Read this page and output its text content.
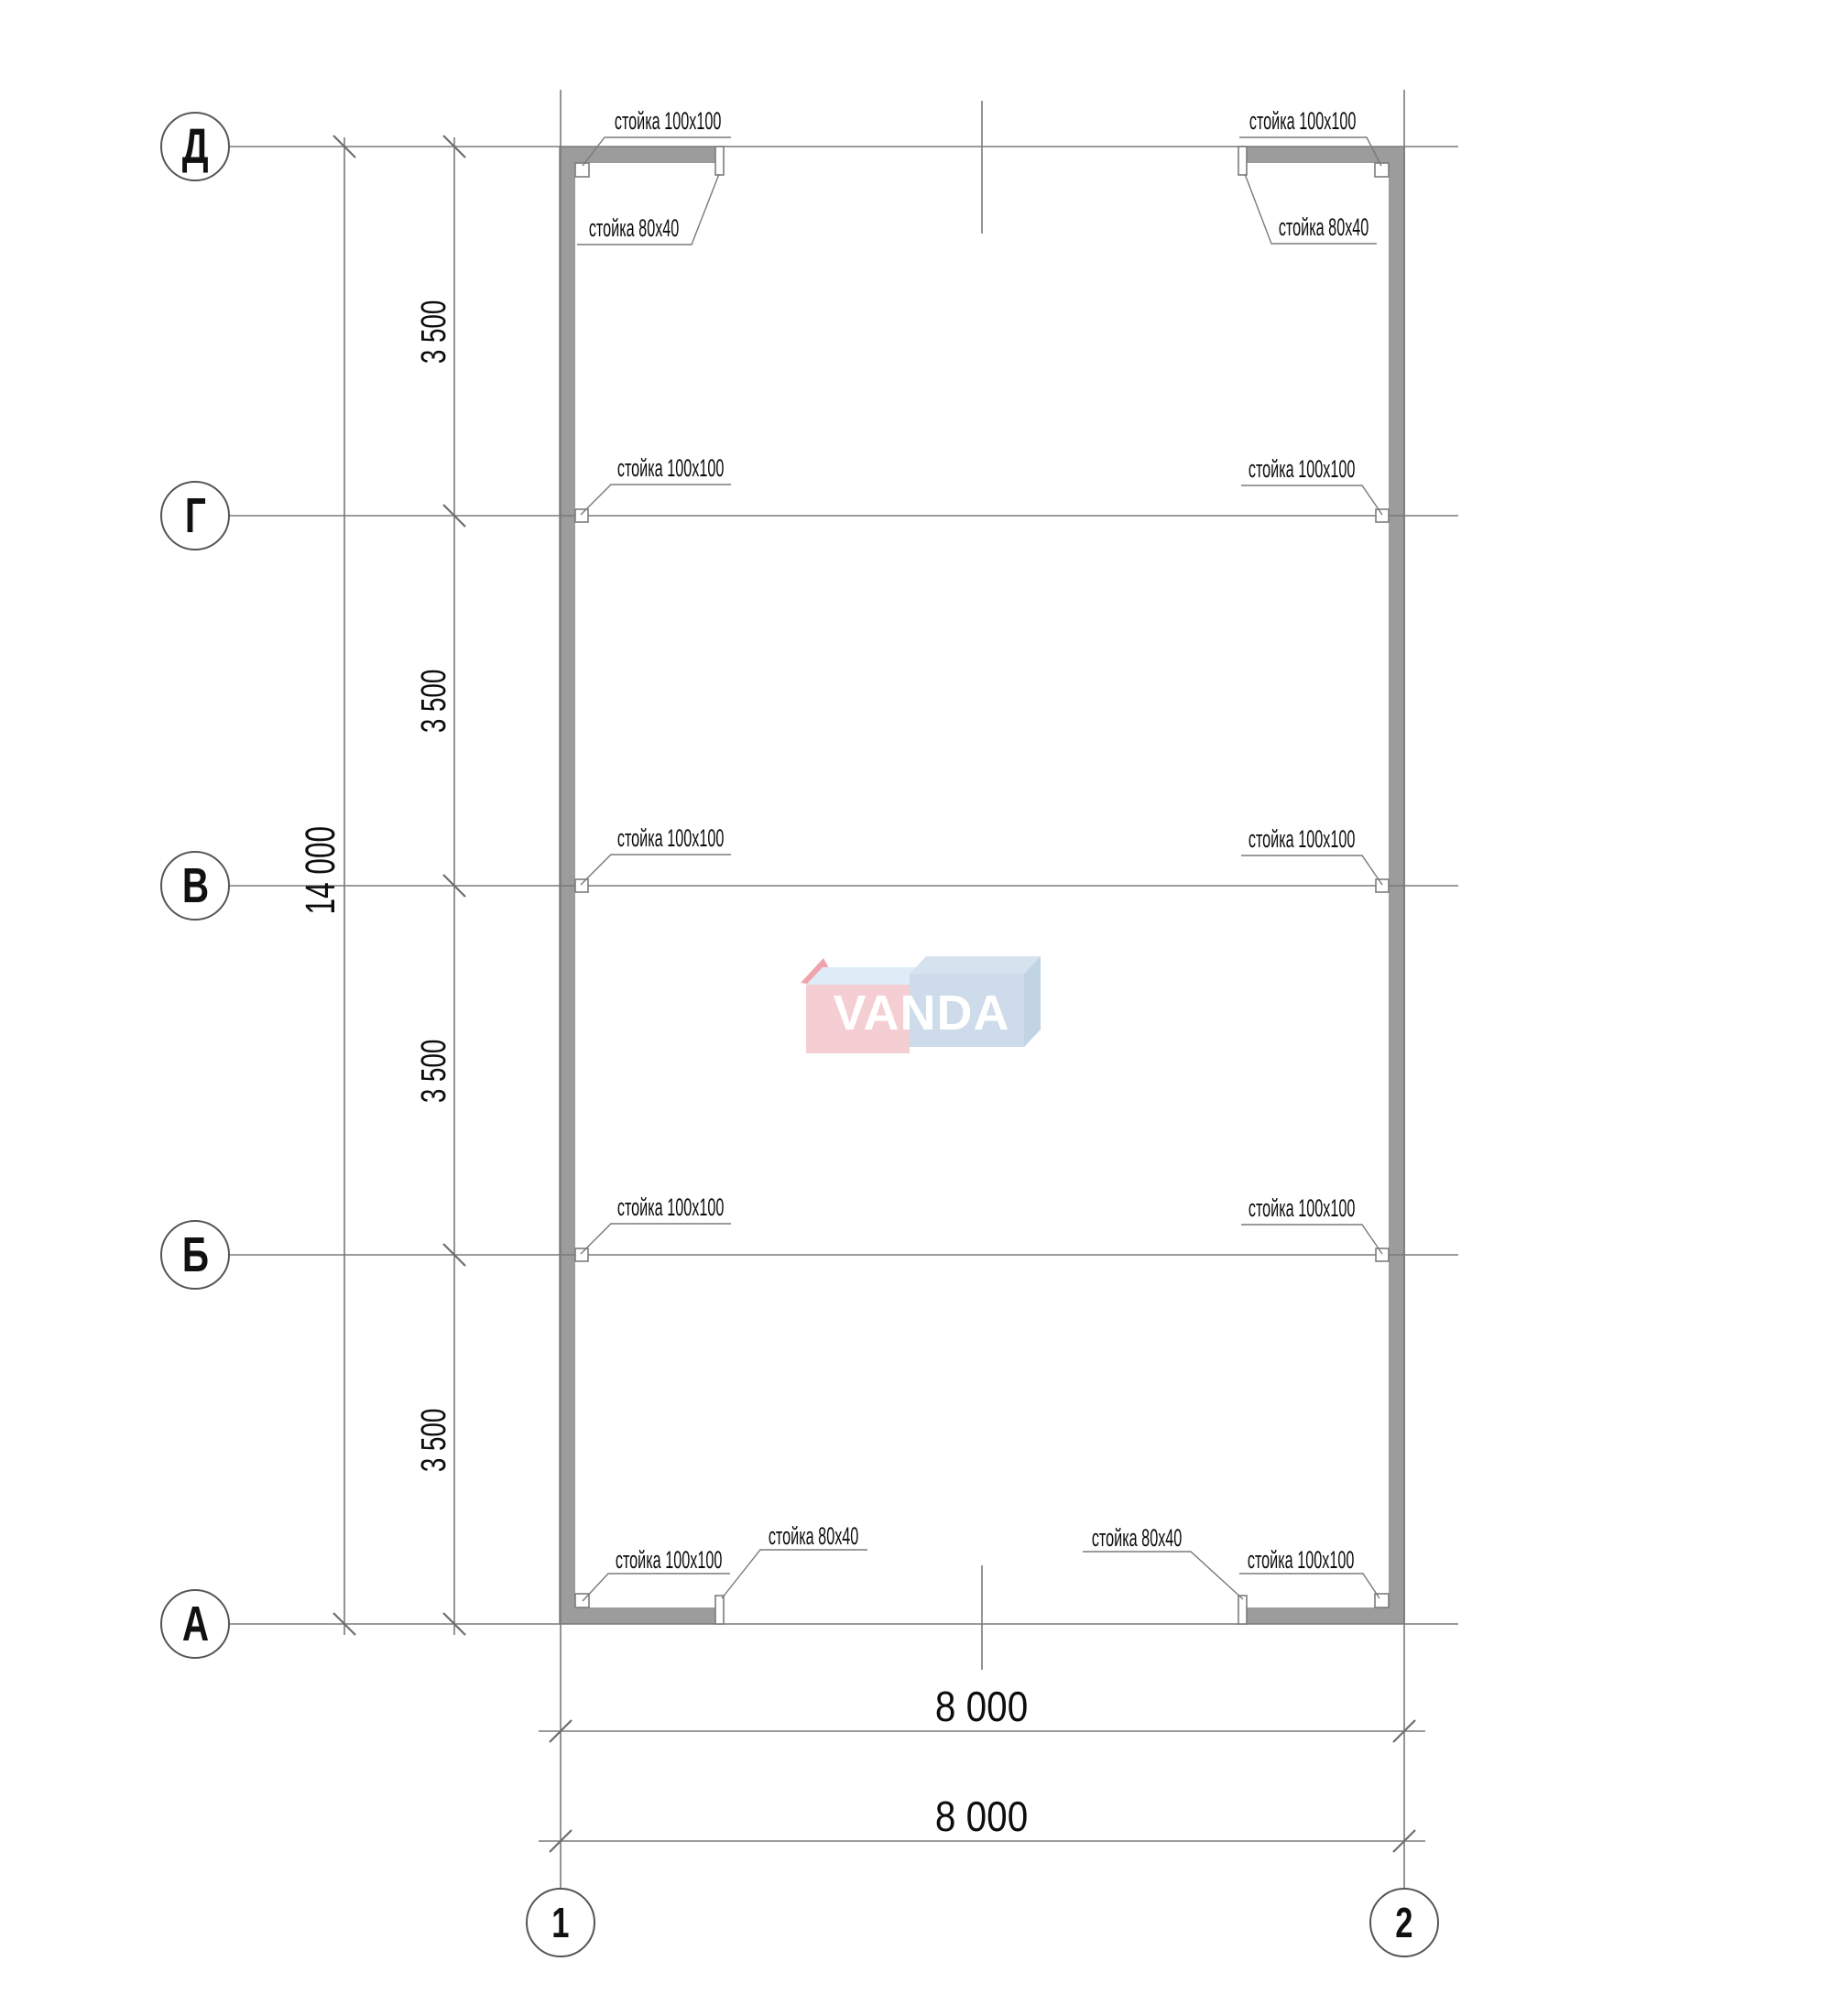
Д
Г
В
Б
А
1	2
14 000
3 500
3 500
3 500
3 500
8 000
8 000
стойка 100x100
стойка 80x40
стойка 100x100
стойка 80x40
стойка 100x100	стойка 100x100
стойка 100x100	стойка 100x100
стойка 100x100	стойка 100x100
стойка 100x100
стойка 80x40	стойка 80x40
стойка 100x100
VANDA
